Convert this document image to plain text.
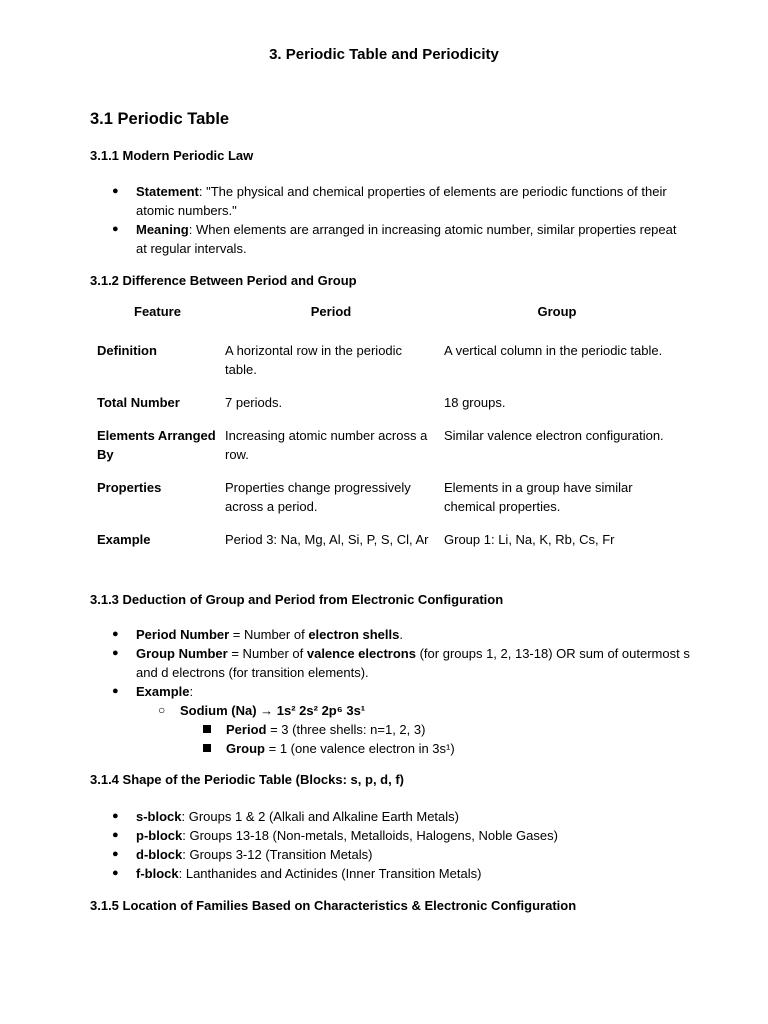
3. Periodic Table and Periodicity
3.1 Periodic Table
3.1.1 Modern Periodic Law
● Statement: "The physical and chemical properties of elements are periodic functions of their atomic numbers."
● Meaning: When elements are arranged in increasing atomic number, similar properties repeat at regular intervals.
3.1.2 Difference Between Period and Group
Feature	Period	Group
Definition	A horizontal row in the periodic table.	A vertical column in the periodic table.
Total Number	7 periods.	18 groups.
Elements Arranged By	Increasing atomic number across a row.	Similar valence electron configuration.
Properties	Properties change progressively across a period.	Elements in a group have similar chemical properties.
Example	Period 3: Na, Mg, Al, Si, P, S, Cl, Ar	Group 1: Li, Na, K, Rb, Cs, Fr
3.1.3 Deduction of Group and Period from Electronic Configuration
● Period Number = Number of electron shells.
● Group Number = Number of valence electrons (for groups 1, 2, 13-18) OR sum of outermost s and d electrons (for transition elements).
● Example:
○ Sodium (Na) → 1s² 2s² 2p⁶ 3s¹
Period = 3 (three shells: n=1, 2, 3)
Group = 1 (one valence electron in 3s¹)
3.1.4 Shape of the Periodic Table (Blocks: s, p, d, f)
● s-block: Groups 1 & 2 (Alkali and Alkaline Earth Metals)
● p-block: Groups 13-18 (Non-metals, Metalloids, Halogens, Noble Gases)
● d-block: Groups 3-12 (Transition Metals)
● f-block: Lanthanides and Actinides (Inner Transition Metals)
3.1.5 Location of Families Based on Characteristics & Electronic Configuration
